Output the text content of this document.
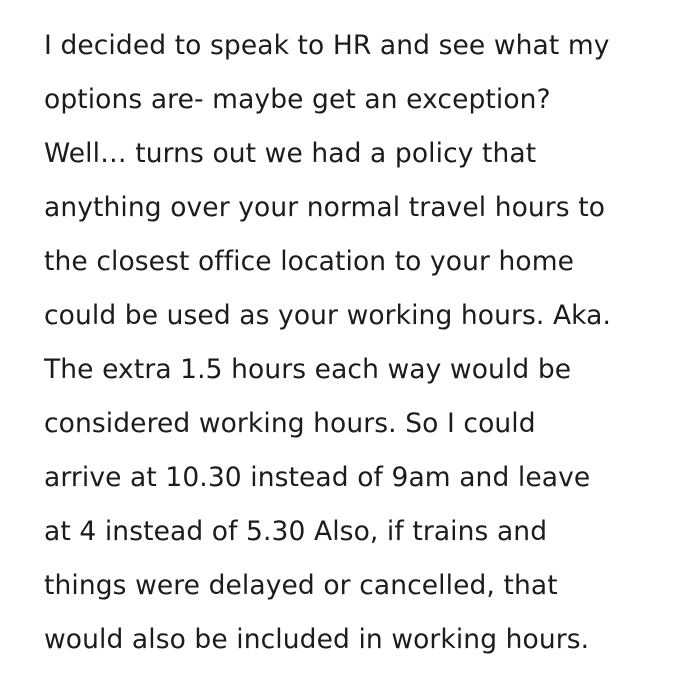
I decided to speak to HR and see what my
options are- maybe get an exception?
Well… turns out we had a policy that
anything over your normal travel hours to
the closest office location to your home
could be used as your working hours. Aka.
The extra 1.5 hours each way would be
considered working hours. So I could
arrive at 10.30 instead of 9am and leave
at 4 instead of 5.30 Also, if trains and
things were delayed or cancelled, that
would also be included in working hours.
